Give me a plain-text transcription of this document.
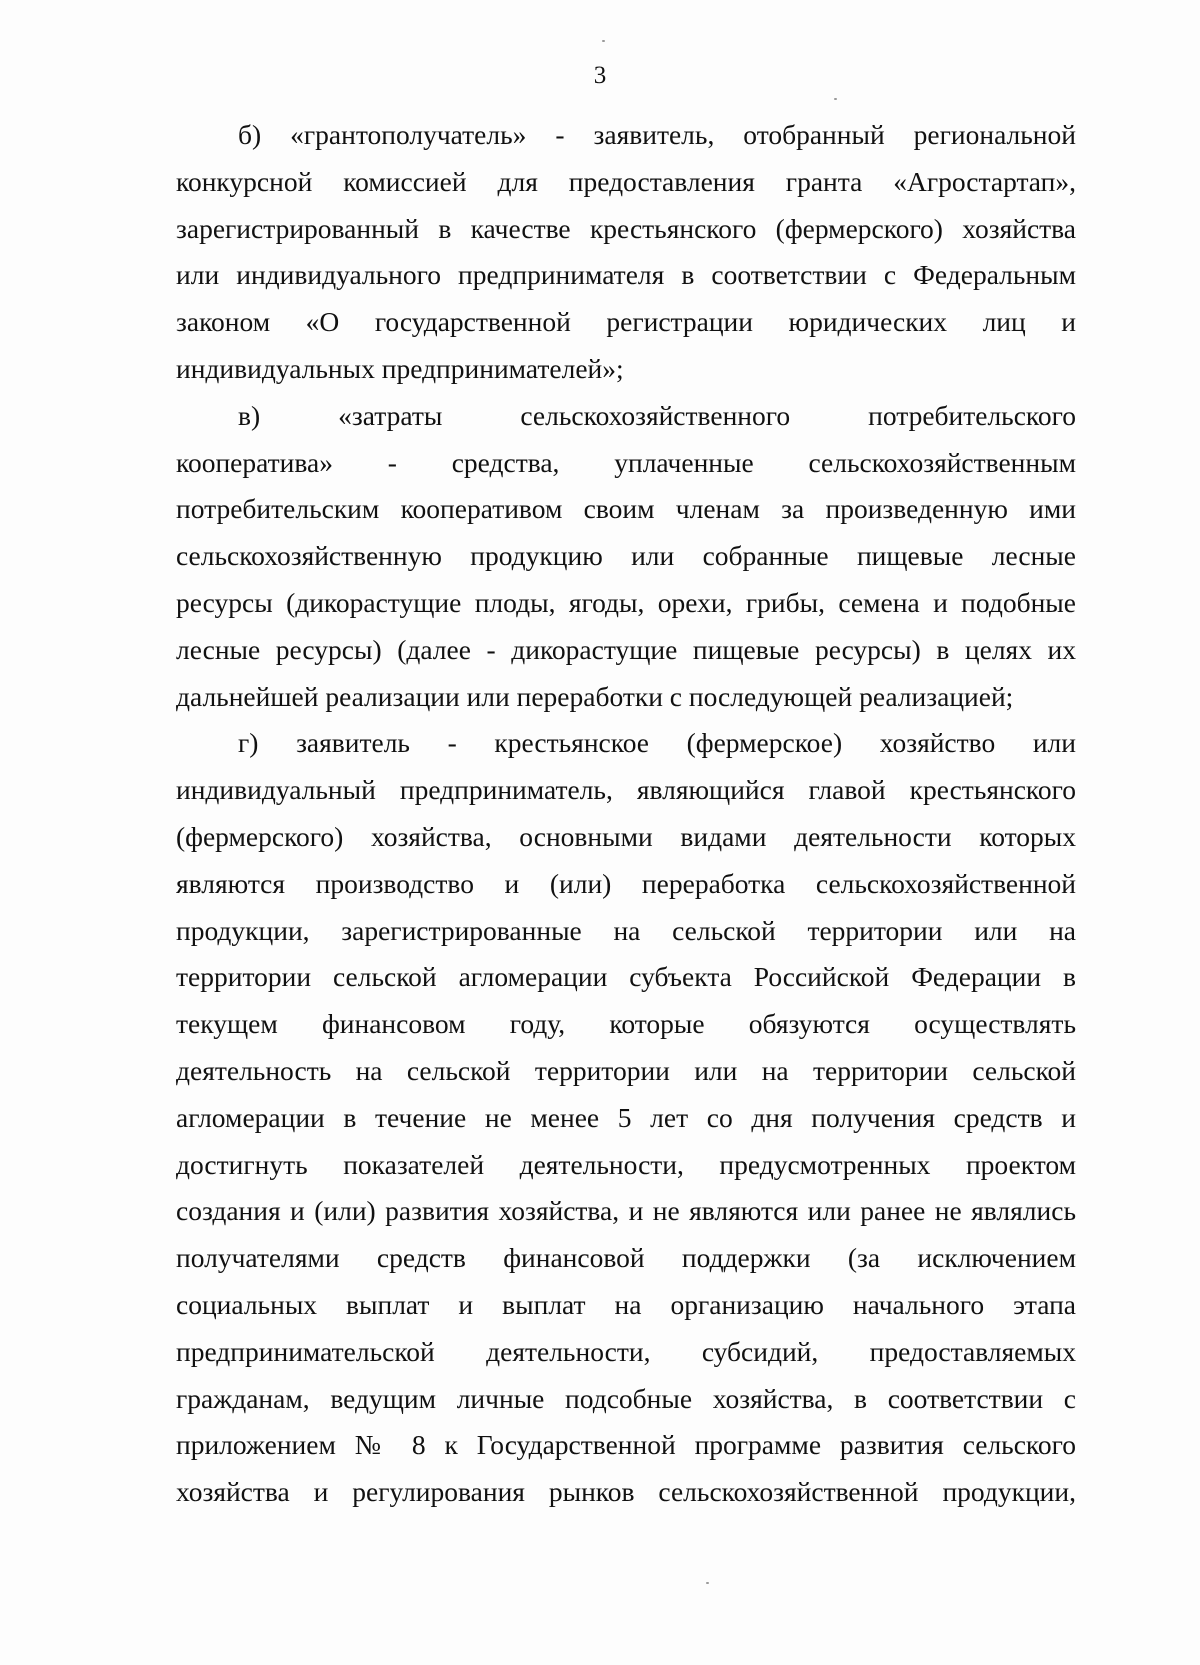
3

б) «грантополучатель» - заявитель, отобранный региональной
конкурсной комиссией для предоставления гранта «Агростартап»,
зарегистрированный в качестве крестьянского (фермерского) хозяйства
или индивидуального предпринимателя в соответствии с Федеральным
законом «О государственной регистрации юридических лиц и
индивидуальных предпринимателей»;

в) «затраты сельскохозяйственного потребительского
кооператива» - средства, уплаченные сельскохозяйственным
потребительским кооперативом своим членам за произведенную ими
сельскохозяйственную продукцию или собранные пищевые лесные
ресурсы (дикорастущие плоды, ягоды, орехи, грибы, семена и подобные
лесные ресурсы) (далее - дикорастущие пищевые ресурсы) в целях их
дальнейшей реализации или переработки с последующей реализацией;

г) заявитель - крестьянское (фермерское) хозяйство или
индивидуальный предприниматель, являющийся главой крестьянского
(фермерского) хозяйства, основными видами деятельности которых
являются производство и (или) переработка сельскохозяйственной
продукции, зарегистрированные на сельской территории или на
территории сельской агломерации субъекта Российской Федерации в
текущем финансовом году, которые обязуются осуществлять
деятельность на сельской территории или на территории сельской
агломерации в течение не менее 5 лет со дня получения средств и
достигнуть показателей деятельности, предусмотренных проектом
создания и (или) развития хозяйства, и не являются или ранее не являлись
получателями средств финансовой поддержки (за исключением
социальных выплат и выплат на организацию начального этапа
предпринимательской деятельности, субсидий, предоставляемых
гражданам, ведущим личные подсобные хозяйства, в соответствии с
приложением № 8 к Государственной программе развития сельского
хозяйства и регулирования рынков сельскохозяйственной продукции,
